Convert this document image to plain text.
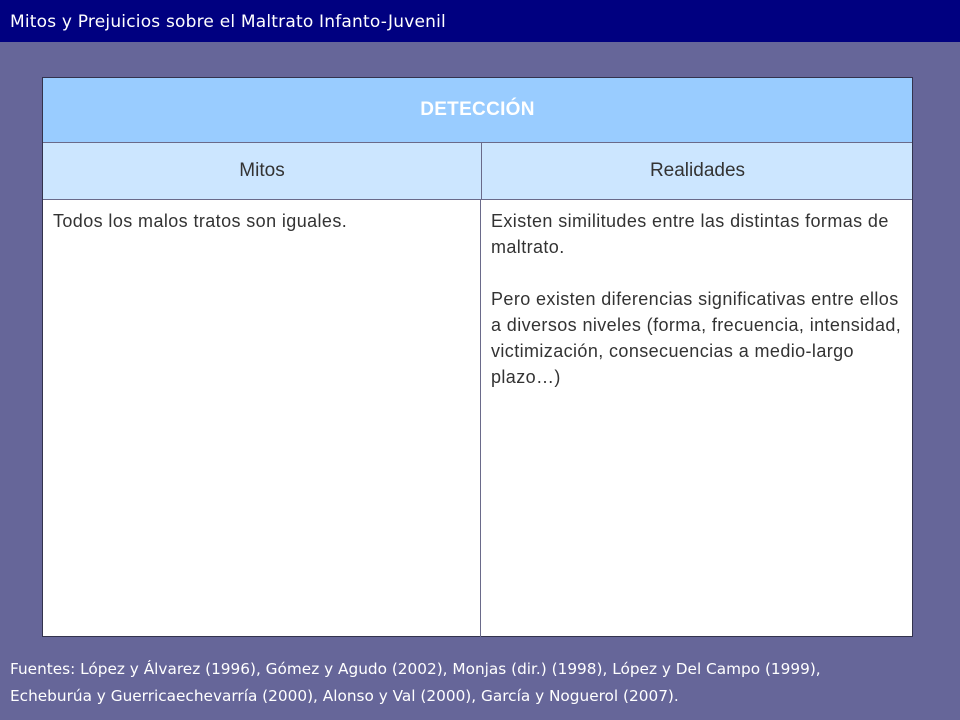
Mitos y Prejuicios sobre el Maltrato Infanto-Juvenil
DETECCIÓN
Mitos	Realidades

Todos los malos tratos son iguales.	Existen similitudes entre las distintas formas de maltrato.

Pero existen diferencias significativas entre ellos a diversos niveles (forma, frecuencia, intensidad, victimización, consecuencias a medio-largo plazo…)

Fuentes: López y Álvarez (1996), Gómez y Agudo (2002), Monjas (dir.) (1998), López y Del Campo (1999),
Echeburúa y Guerricaechevarría (2000), Alonso y Val (2000), García y Noguerol (2007).
